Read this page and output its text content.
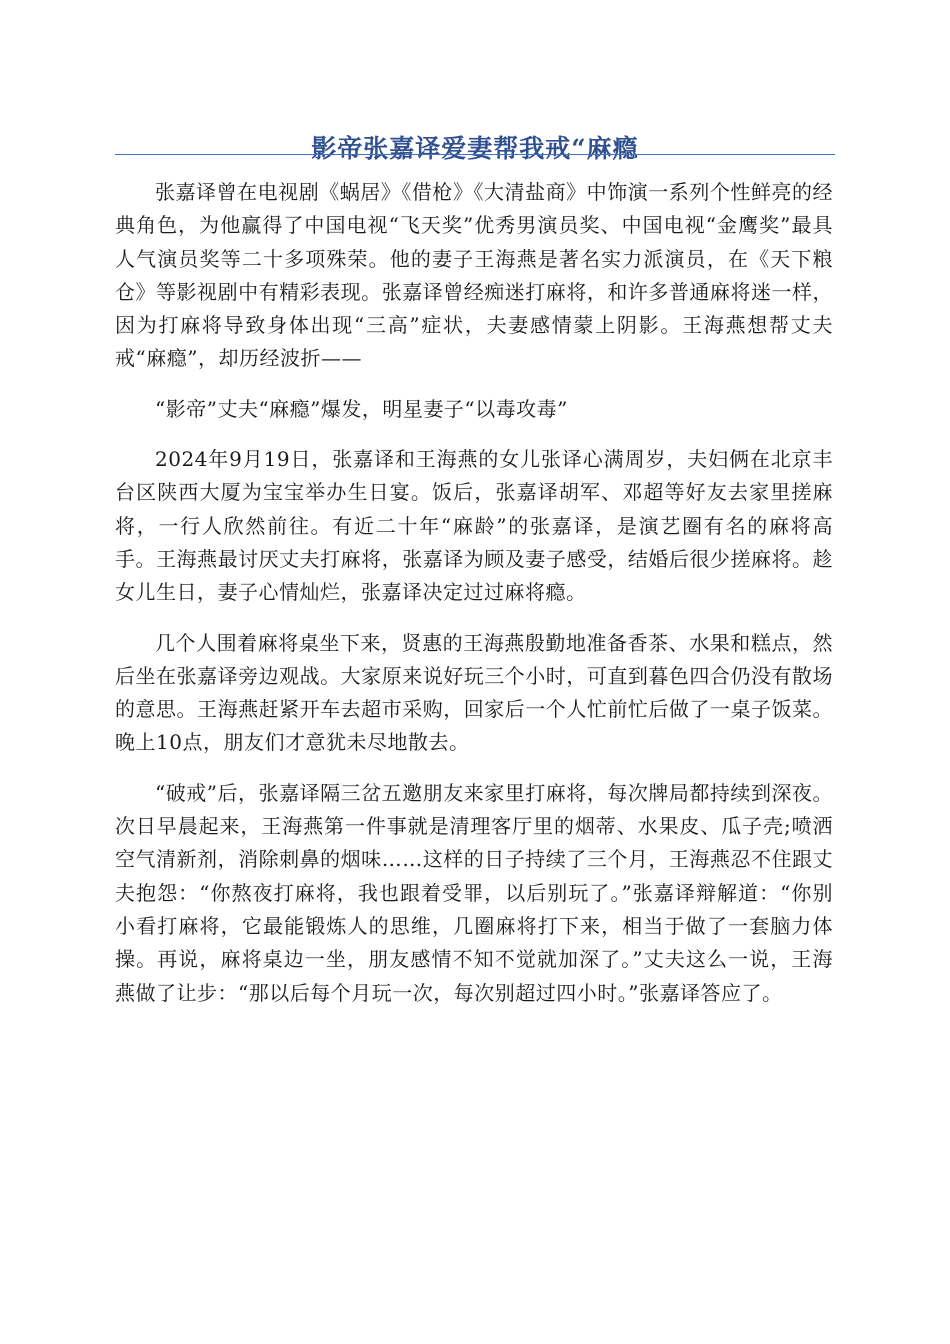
影帝张嘉译爱妻帮我戒“麻瘾

张嘉译曾在电视剧《蜗居》《借枪》《大清盐商》中饰演一系列个性鲜亮的经典角色，为他赢得了中国电视“飞天奖”优秀男演员奖、中国电视“金鹰奖”最具人气演员奖等二十多项殊荣。他的妻子王海燕是著名实力派演员，在《天下粮仓》等影视剧中有精彩表现。张嘉译曾经痴迷打麻将，和许多普通麻将迷一样，因为打麻将导致身体出现“三高”症状，夫妻感情蒙上阴影。王海燕想帮丈夫戒“麻瘾”，却历经波折——

“影帝”丈夫“麻瘾”爆发，明星妻子“以毒攻毒”

2024年9月19日，张嘉译和王海燕的女儿张译心满周岁，夫妇俩在北京丰台区陕西大厦为宝宝举办生日宴。饭后，张嘉译胡军、邓超等好友去家里搓麻将，一行人欣然前往。有近二十年“麻龄”的张嘉译，是演艺圈有名的麻将高手。王海燕最讨厌丈夫打麻将，张嘉译为顾及妻子感受，结婚后很少搓麻将。趁女儿生日，妻子心情灿烂，张嘉译决定过过麻将瘾。

几个人围着麻将桌坐下来，贤惠的王海燕殷勤地准备香茶、水果和糕点，然后坐在张嘉译旁边观战。大家原来说好玩三个小时，可直到暮色四合仍没有散场的意思。王海燕赶紧开车去超市采购，回家后一个人忙前忙后做了一桌子饭菜。晚上10点，朋友们才意犹未尽地散去。

“破戒”后，张嘉译隔三岔五邀朋友来家里打麻将，每次牌局都持续到深夜。次日早晨起来，王海燕第一件事就是清理客厅里的烟蒂、水果皮、瓜子壳;喷洒空气清新剂，消除刺鼻的烟味……这样的日子持续了三个月，王海燕忍不住跟丈夫抱怨：“你熬夜打麻将，我也跟着受罪，以后别玩了。”张嘉译辩解道：“你别小看打麻将，它最能锻炼人的思维，几圈麻将打下来，相当于做了一套脑力体操。再说，麻将桌边一坐，朋友感情不知不觉就加深了。”丈夫这么一说，王海燕做了让步：“那以后每个月玩一次，每次别超过四小时。”张嘉译答应了。
